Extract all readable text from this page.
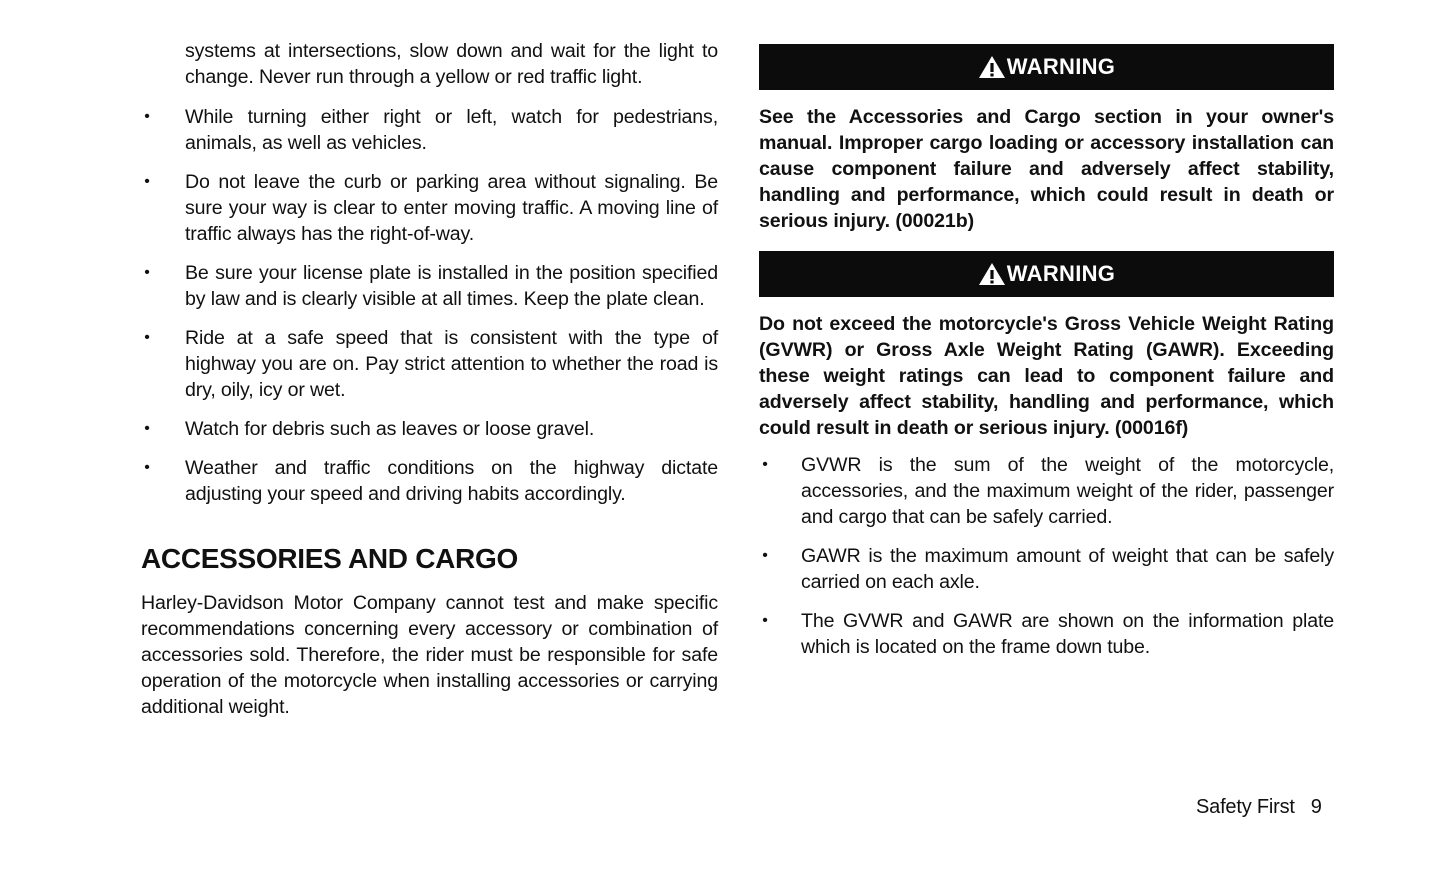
systems at intersections, slow down and wait for the light to change. Never run through a yellow or red traffic light.

• While turning either right or left, watch for pedestrians, animals, as well as vehicles.

• Do not leave the curb or parking area without signaling. Be sure your way is clear to enter moving traffic. A moving line of traffic always has the right-of-way.

• Be sure your license plate is installed in the position specified by law and is clearly visible at all times. Keep the plate clean.

• Ride at a safe speed that is consistent with the type of highway you are on. Pay strict attention to whether the road is dry, oily, icy or wet.

• Watch for debris such as leaves or loose gravel.

• Weather and traffic conditions on the highway dictate adjusting your speed and driving habits accordingly.

ACCESSORIES AND CARGO

Harley-Davidson Motor Company cannot test and make specific recommendations concerning every accessory or combination of accessories sold. Therefore, the rider must be responsible for safe operation of the motorcycle when installing accessories or carrying additional weight.

WARNING

See the Accessories and Cargo section in your owner's manual. Improper cargo loading or accessory installation can cause component failure and adversely affect stability, handling and performance, which could result in death or serious injury. (00021b)

WARNING

Do not exceed the motorcycle's Gross Vehicle Weight Rating (GVWR) or Gross Axle Weight Rating (GAWR). Exceeding these weight ratings can lead to component failure and adversely affect stability, handling and performance, which could result in death or serious injury. (00016f)

• GVWR is the sum of the weight of the motorcycle, accessories, and the maximum weight of the rider, passenger and cargo that can be safely carried.

• GAWR is the maximum amount of weight that can be safely carried on each axle.

• The GVWR and GAWR are shown on the information plate which is located on the frame down tube.

Safety First 9
